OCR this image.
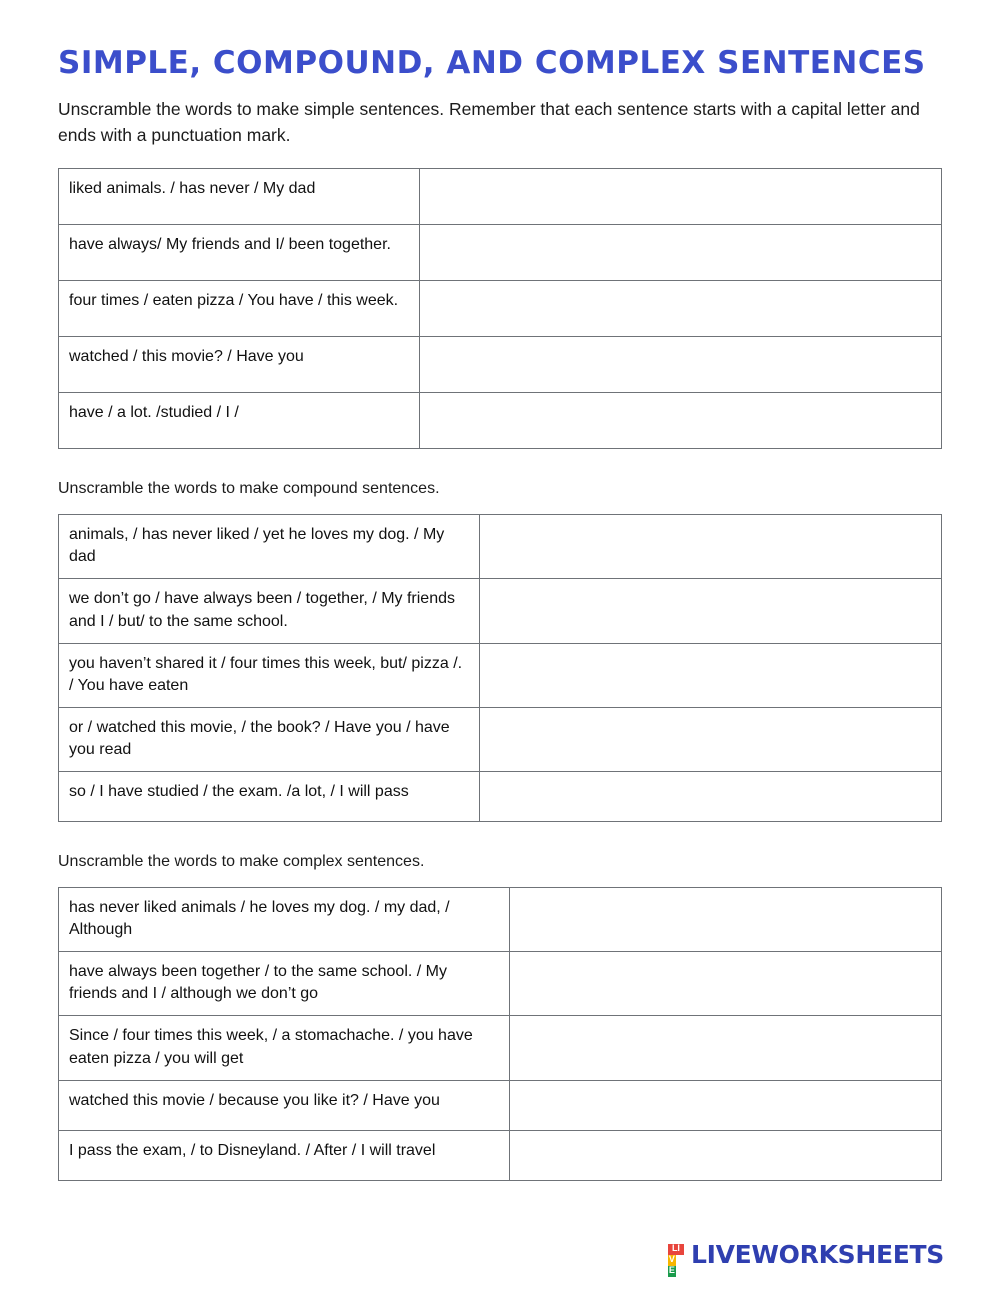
SIMPLE, COMPOUND, AND COMPLEX SENTENCES

Unscramble the words to make simple sentences. Remember that each sentence starts with a capital letter and ends with a punctuation mark.

liked animals. / has never / My dad	
have always/ My friends and I/ been together.	
four times / eaten pizza / You have / this week.	
watched / this movie? / Have you	
have / a lot. /studied / I /	

Unscramble the words to make compound sentences.

animals, / has never liked / yet he loves my dog. / My dad	
we don’t go / have always been / together, / My friends and I / but/ to the same school.	
you haven’t shared it / four times this week, but/ pizza /. / You have eaten	
or / watched this movie, / the book? / Have you / have you read	
so / I have studied / the exam. /a lot, / I will pass	

Unscramble the words to make complex sentences.

has never liked animals / he loves my dog. / my dad, / Although	
have always been together / to the same school. / My friends and I / although we don’t go	
Since / four times this week, / a stomachache. / you have eaten pizza / you will get	
watched this movie / because you like it? / Have you	
I pass the exam, / to Disneyland. / After / I will travel	
LI
V
E
LIVEWORKSHEETS
